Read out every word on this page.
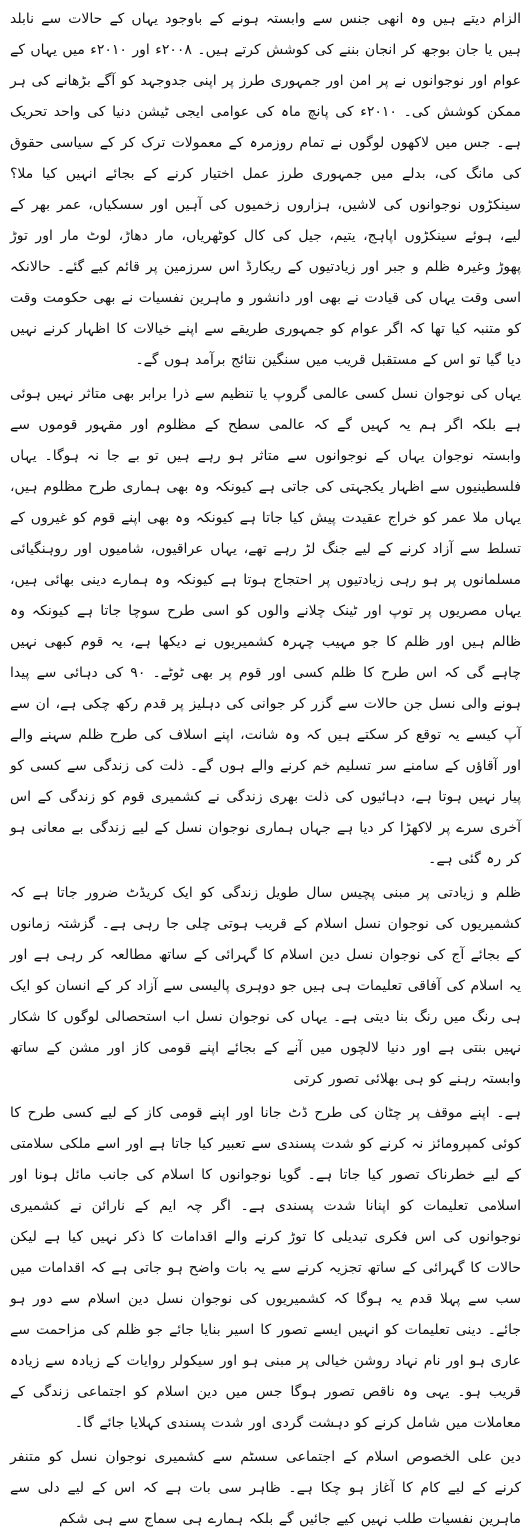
الزام دیتے ہیں وہ انھی جنس سے وابستہ ہونے کے باوجود یہاں کے حالات سے نابلد ہیں یا جان بوجھ کر انجان بننے کی کوشش کرتے ہیں۔ ۲۰۰۸ء اور ۲۰۱۰ء میں یہاں کے عوام اور نوجوانوں نے پر امن اور جمہوری طرز پر اپنی جدوجہد کو آگے بڑھانے کی ہر ممکن کوشش کی۔ ۲۰۱۰ء کی پانچ ماہ کی عوامی ایجی ٹیشن دنیا کی واحد تحریک ہے۔ جس میں لاکھوں لوگوں نے تمام روزمرہ کے معمولات ترک کر کے سیاسی حقوق کی مانگ کی، بدلے میں جمہوری طرز عمل اختیار کرنے کے بجائے انہیں کیا ملا؟ سینکڑوں نوجوانوں کی لاشیں، ہزاروں زخمیوں کی آہیں اور سسکیاں، عمر بھر کے لیے، ہوئے سینکڑوں اپاہج، یتیم، جیل کی کال کوٹھریاں، مار دھاڑ، لوٹ مار اور توڑ پھوڑ وغیرہ ظلم و جبر اور زیادتیوں کے ریکارڈ اس سرزمین پر قائم کیے گئے۔ حالانکہ اسی وقت یہاں کی قیادت نے بھی اور دانشور و ماہرین نفسیات نے بھی حکومت وقت کو متنبہ کیا تھا کہ اگر عوام کو جمہوری طریقے سے اپنے خیالات کا اظہار کرنے نہیں دیا گیا تو اس کے مستقبل قریب میں سنگین نتائج برآمد ہوں گے۔

یہاں کی نوجوان نسل کسی عالمی گروپ یا تنظیم سے ذرا برابر بھی متاثر نہیں ہوئی ہے بلکہ اگر ہم یہ کہیں گے کہ عالمی سطح کے مظلوم اور مقہور قوموں سے وابستہ نوجوان یہاں کے نوجوانوں سے متاثر ہو رہے ہیں تو بے جا نہ ہوگا۔ یہاں فلسطینیوں سے اظہار یکجہتی کی جاتی ہے کیونکہ وہ بھی ہماری طرح مظلوم ہیں، یہاں ملا عمر کو خراج عقیدت پیش کیا جاتا ہے کیونکہ وہ بھی اپنے قوم کو غیروں کے تسلط سے آزاد کرنے کے لیے جنگ لڑ رہے تھے، یہاں عراقیوں، شامیوں اور روہنگیائی مسلمانوں پر ہو رہی زیادتیوں پر احتجاج ہوتا ہے کیونکہ وہ ہمارے دینی بھائی ہیں، یہاں مصریوں پر توپ اور ٹینک چلانے والوں کو اسی طرح سوچا جاتا ہے کیونکہ وہ ظالم ہیں اور ظلم کا جو مہیب چہرہ کشمیریوں نے دیکھا ہے، یہ قوم کبھی نہیں چاہے گی کہ اس طرح کا ظلم کسی اور قوم پر بھی ٹوٹے۔ ۹۰ کی دہائی سے پیدا ہونے والی نسل جن حالات سے گزر کر جوانی کی دہلیز پر قدم رکھ چکی ہے، ان سے آپ کیسے یہ توقع کر سکتے ہیں کہ وہ شانت، اپنے اسلاف کی طرح ظلم سہنے والے اور آقاؤں کے سامنے سر تسلیم خم کرنے والے ہوں گے۔ ذلت کی زندگی سے کسی کو پیار نہیں ہوتا ہے، دہائیوں کی ذلت بھری زندگی نے کشمیری قوم کو زندگی کے اس آخری سرے پر لاکھڑا کر دیا ہے جہاں ہماری نوجوان نسل کے لیے زندگی بے معانی ہو کر رہ گئی ہے۔

ظلم و زیادتی پر مبنی پچیس سال طویل زندگی کو ایک کریڈٹ ضرور جاتا ہے کہ کشمیریوں کی نوجوان نسل اسلام کے قریب ہوتی چلی جا رہی ہے۔ گزشتہ زمانوں کے بجائے آج کی نوجوان نسل دین اسلام کا گہرائی کے ساتھ مطالعہ کر رہی ہے اور یہ اسلام کی آفاقی تعلیمات ہی ہیں جو دوہری پالیسی سے آزاد کر کے انسان کو ایک ہی رنگ میں رنگ بنا دیتی ہے۔ یہاں کی نوجوان نسل اب استحصالی لوگوں کا شکار نہیں بنتی ہے اور دنیا لالچوں میں آنے کے بجائے اپنے قومی کاز اور مشن کے ساتھ وابستہ رہنے کو ہی بھلائی تصور کرتی

ہے۔ اپنے موقف پر چٹان کی طرح ڈٹ جانا اور اپنے قومی کاز کے لیے کسی طرح کا کوئی کمپرومائز نہ کرنے کو شدت پسندی سے تعبیر کیا جاتا ہے اور اسے ملکی سلامتی کے لیے خطرناک تصور کیا جاتا ہے۔ گویا نوجوانوں کا اسلام کی جانب مائل ہونا اور اسلامی تعلیمات کو اپنانا شدت پسندی ہے۔ اگر چہ ایم کے نارائن نے کشمیری نوجوانوں کی اس فکری تبدیلی کا توڑ کرنے والے اقدامات کا ذکر نہیں کیا ہے لیکن حالات کا گہرائی کے ساتھ تجزیہ کرنے سے یہ بات واضح ہو جاتی ہے کہ اقدامات میں سب سے پہلا قدم یہ ہوگا کہ کشمیریوں کی نوجوان نسل دین اسلام سے دور ہو جائے۔ دینی تعلیمات کو انہیں ایسے تصور کا اسیر بنایا جائے جو ظلم کی مزاحمت سے عاری ہو اور نام نہاد روشن خیالی پر مبنی ہو اور سیکولر روایات کے زیادہ سے زیادہ قریب ہو۔ یہی وہ ناقص تصور ہوگا جس میں دین اسلام کو اجتماعی زندگی کے معاملات میں شامل کرنے کو دہشت گردی اور شدت پسندی کہلایا جائے گا۔

دین علی الخصوص اسلام کے اجتماعی سسٹم سے کشمیری نوجوان نسل کو متنفر کرنے کے لیے کام کا آغاز ہو چکا ہے۔ ظاہر سی بات ہے کہ اس کے لیے دلی سے ماہرین نفسیات طلب نہیں کیے جائیں گے بلکہ ہمارے ہی سماج سے ہی شکم
